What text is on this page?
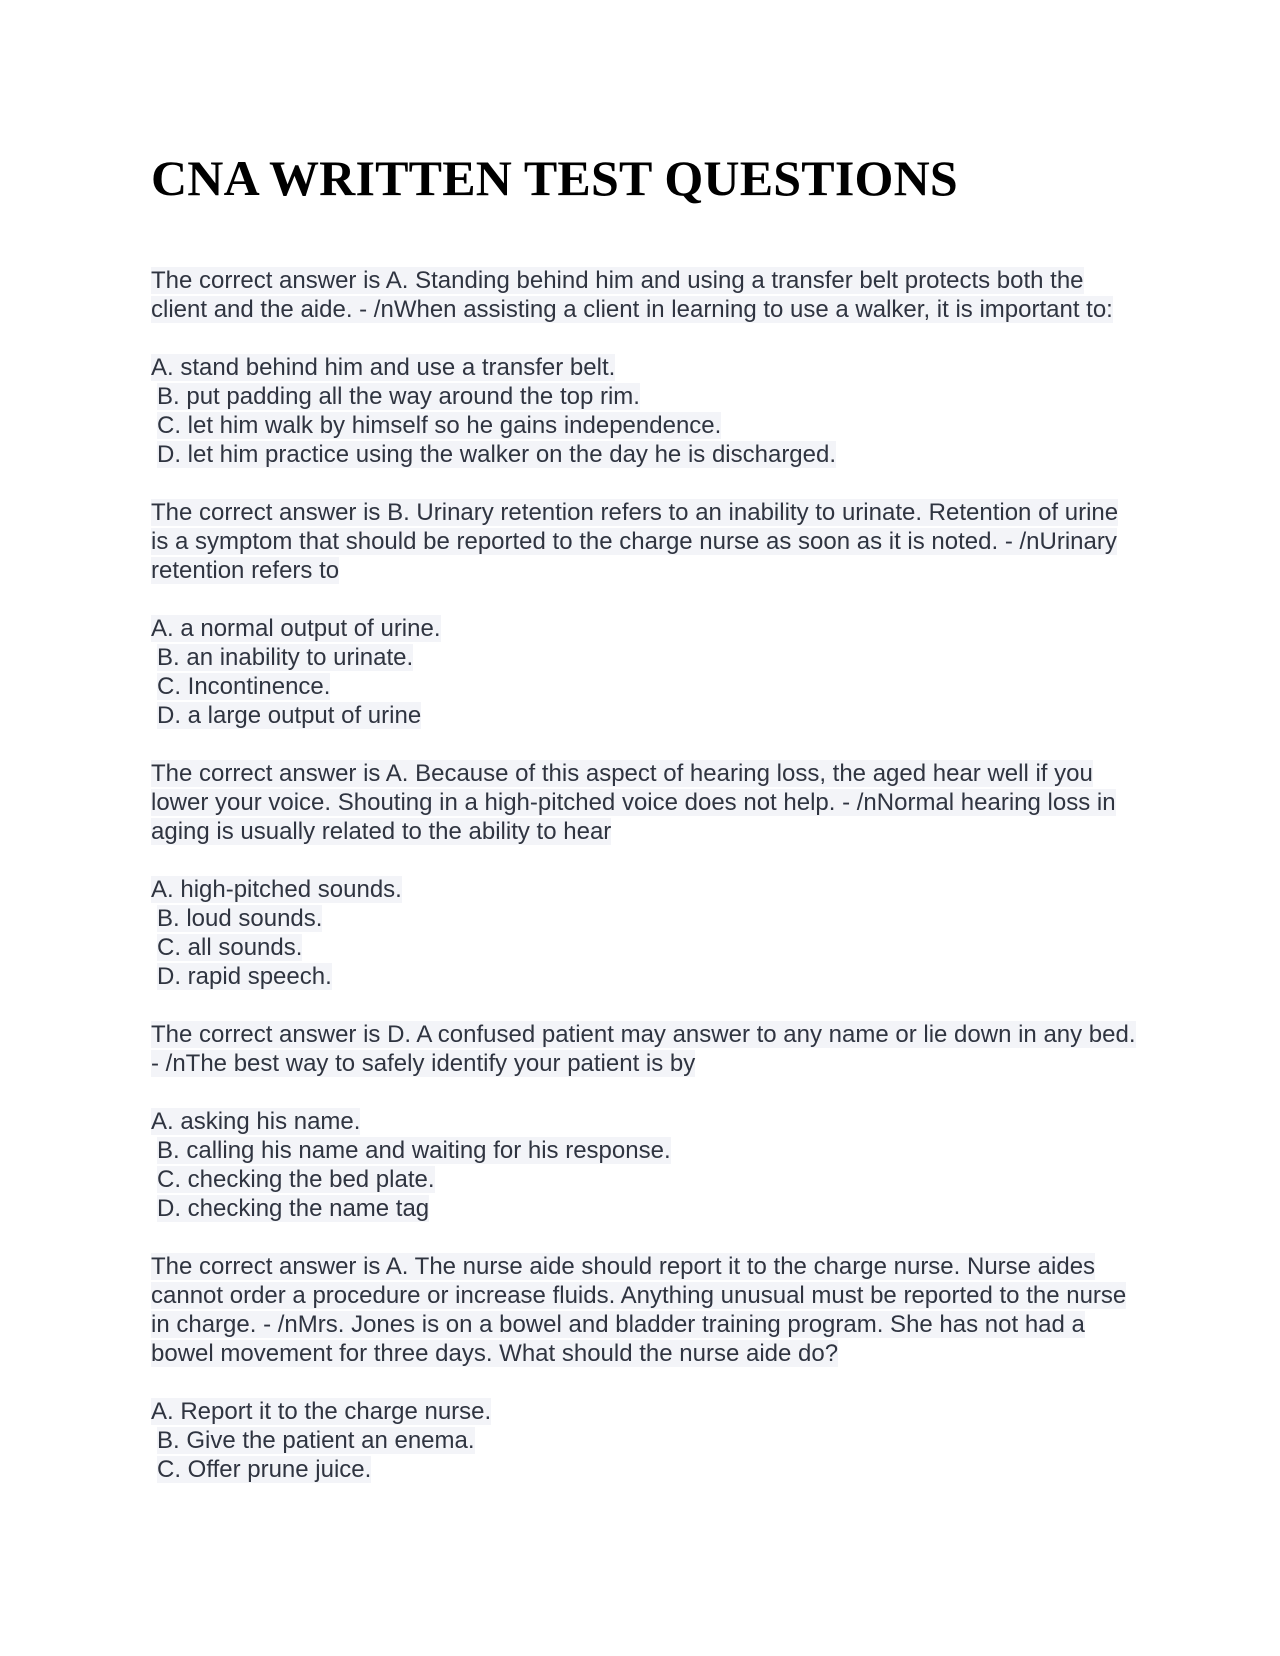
CNA WRITTEN TEST QUESTIONS

The correct answer is A. Standing behind him and using a transfer belt protects both the client and the aide. - /nWhen assisting a client in learning to use a walker, it is important to:

A. stand behind him and use a transfer belt.
B. put padding all the way around the top rim.
C. let him walk by himself so he gains independence.
D. let him practice using the walker on the day he is discharged.

The correct answer is B. Urinary retention refers to an inability to urinate. Retention of urine is a symptom that should be reported to the charge nurse as soon as it is noted. - /nUrinary retention refers to

A. a normal output of urine.
B. an inability to urinate.
C. Incontinence.
D. a large output of urine

The correct answer is A. Because of this aspect of hearing loss, the aged hear well if you lower your voice. Shouting in a high-pitched voice does not help. - /nNormal hearing loss in aging is usually related to the ability to hear

A. high-pitched sounds.
B. loud sounds.
C. all sounds.
D. rapid speech.

The correct answer is D. A confused patient may answer to any name or lie down in any bed. - /nThe best way to safely identify your patient is by

A. asking his name.
B. calling his name and waiting for his response.
C. checking the bed plate.
D. checking the name tag

The correct answer is A. The nurse aide should report it to the charge nurse. Nurse aides cannot order a procedure or increase fluids. Anything unusual must be reported to the nurse in charge. - /nMrs. Jones is on a bowel and bladder training program. She has not had a bowel movement for three days. What should the nurse aide do?

A. Report it to the charge nurse.
B. Give the patient an enema.
C. Offer prune juice.
